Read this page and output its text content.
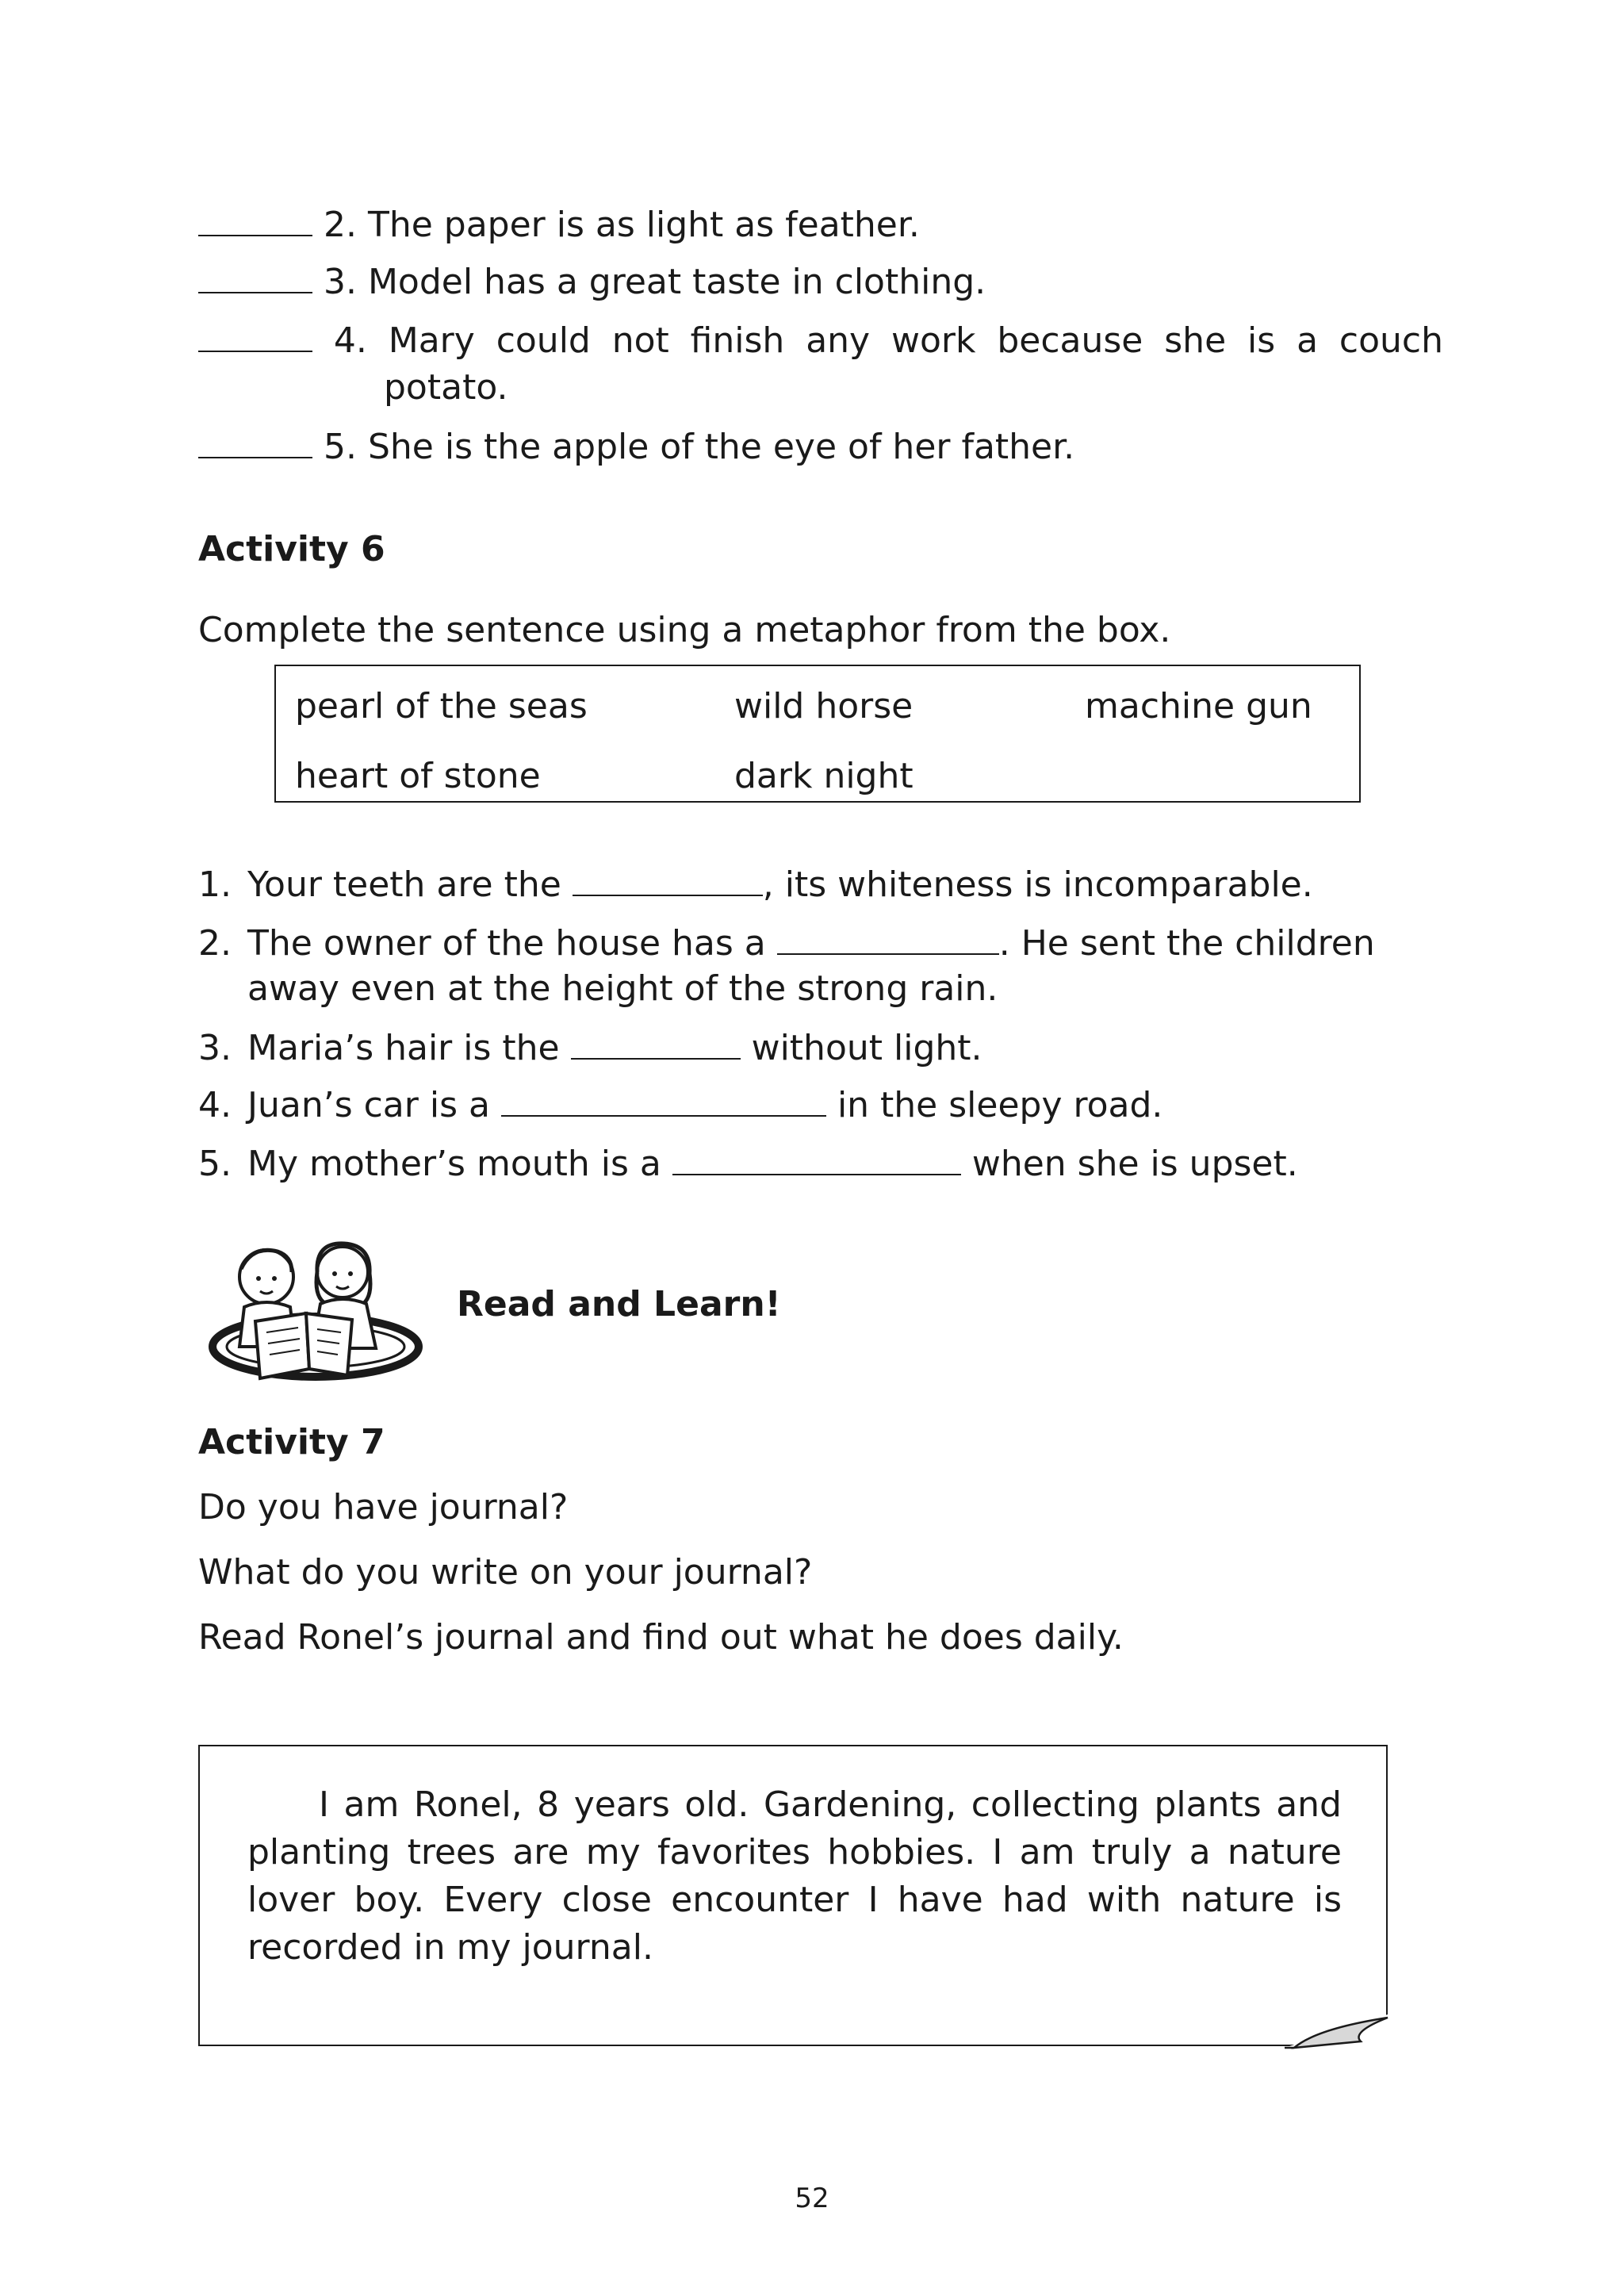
2. The paper is as light as feather.
3. Model has a great taste in clothing.
4. Mary could not finish any work because she is a couch
potato.
5. She is the apple of the eye of her father.
Activity 6
Complete the sentence using a metaphor from the box.
pearl of the seas	wild horse	machine gun
heart of stone	dark night
1. Your teeth are the	, its whiteness is incomparable.
2. The owner of the house has a	. He sent the children
away even at the height of the strong rain.
3. Maria’s hair is the	without light.
4. Juan’s car is a	in the sleepy road.
5. My mother’s mouth is a	when she is upset.
Read and Learn!
Activity 7
Do you have journal?
What do you write on your journal?
Read Ronel’s journal and find out what he does daily.
I am Ronel, 8 years old. Gardening, collecting plants and planting trees are my favorites hobbies. I am truly a nature lover boy. Every close encounter I have had with nature is recorded in my journal.
52
